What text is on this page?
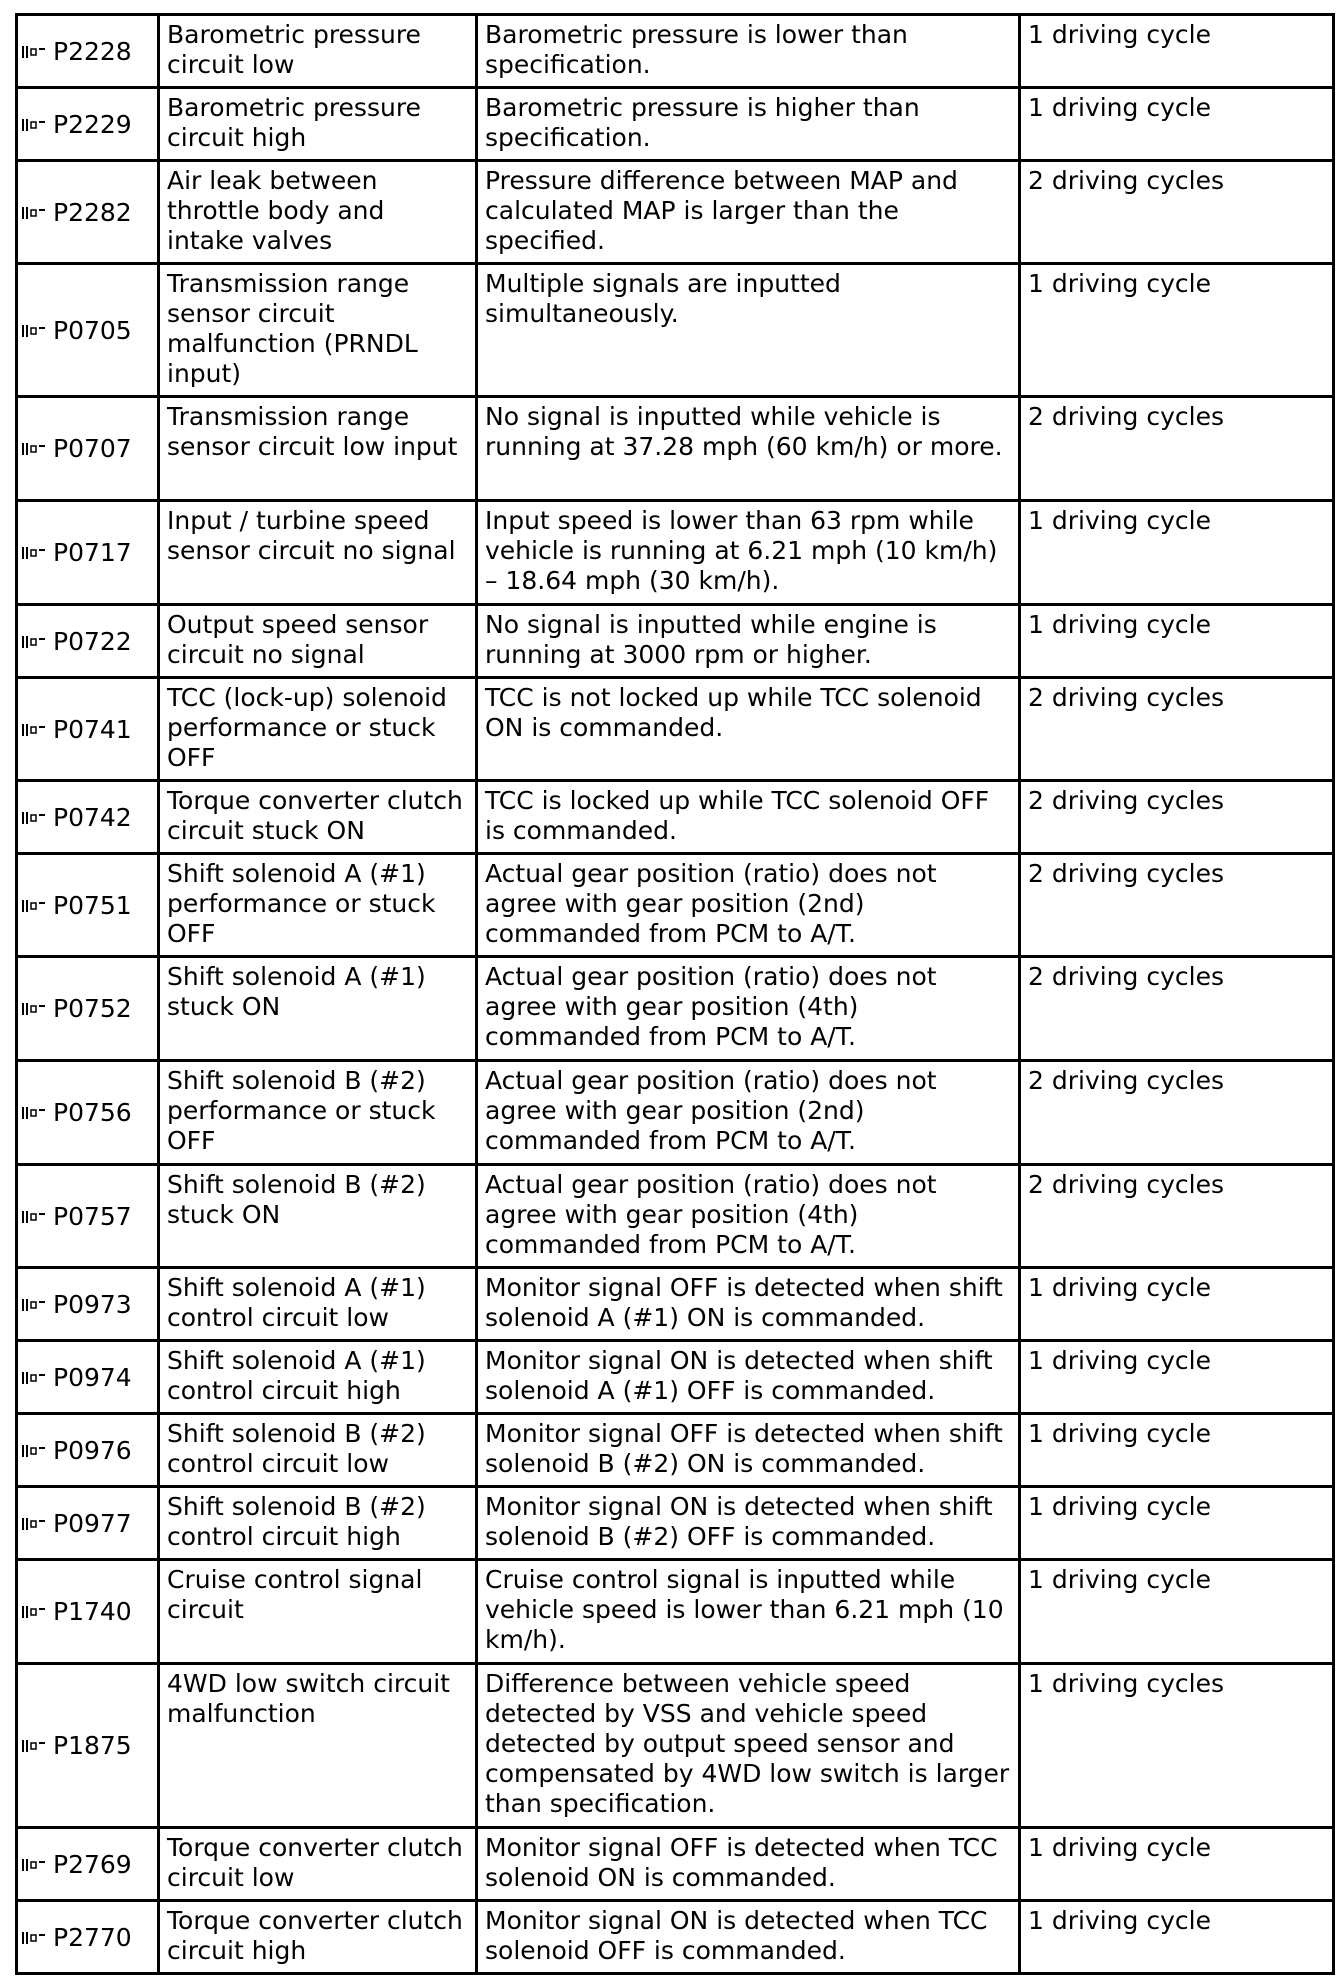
P2228	Barometric pressure circuit low	Barometric pressure is lower than specification.	1 driving cycle

P2229	Barometric pressure circuit high	Barometric pressure is higher than specification.	1 driving cycle

P2282	Air leak between throttle body and intake valves	Pressure difference between MAP and calculated MAP is larger than the specified.	2 driving cycles

P0705	Transmission range sensor circuit malfunction (PRNDL input)	Multiple signals are inputted simultaneously.	1 driving cycle

P0707	Transmission range sensor circuit low input	No signal is inputted while vehicle is running at 37.28 mph (60 km/h) or more.	2 driving cycles

P0717	Input / turbine speed sensor circuit no signal	Input speed is lower than 63 rpm while vehicle is running at 6.21 mph (10 km/h) – 18.64 mph (30 km/h).	1 driving cycle

P0722	Output speed sensor circuit no signal	No signal is inputted while engine is running at 3000 rpm or higher.	1 driving cycle

P0741	TCC (lock-up) solenoid performance or stuck OFF	TCC is not locked up while TCC solenoid ON is commanded.	2 driving cycles

P0742	Torque converter clutch circuit stuck ON	TCC is locked up while TCC solenoid OFF is commanded.	2 driving cycles

P0751	Shift solenoid A (#1) performance or stuck OFF	Actual gear position (ratio) does not agree with gear position (2nd) commanded from PCM to A/T.	2 driving cycles

P0752	Shift solenoid A (#1) stuck ON	Actual gear position (ratio) does not agree with gear position (4th) commanded from PCM to A/T.	2 driving cycles

P0756	Shift solenoid B (#2) performance or stuck OFF	Actual gear position (ratio) does not agree with gear position (2nd) commanded from PCM to A/T.	2 driving cycles

P0757	Shift solenoid B (#2) stuck ON	Actual gear position (ratio) does not agree with gear position (4th) commanded from PCM to A/T.	2 driving cycles

P0973	Shift solenoid A (#1) control circuit low	Monitor signal OFF is detected when shift solenoid A (#1) ON is commanded.	1 driving cycle

P0974	Shift solenoid A (#1) control circuit high	Monitor signal ON is detected when shift solenoid A (#1) OFF is commanded.	1 driving cycle

P0976	Shift solenoid B (#2) control circuit low	Monitor signal OFF is detected when shift solenoid B (#2) ON is commanded.	1 driving cycle

P0977	Shift solenoid B (#2) control circuit high	Monitor signal ON is detected when shift solenoid B (#2) OFF is commanded.	1 driving cycle

P1740	Cruise control signal circuit	Cruise control signal is inputted while vehicle speed is lower than 6.21 mph (10 km/h).	1 driving cycle

P1875	4WD low switch circuit malfunction	Difference between vehicle speed detected by VSS and vehicle speed detected by output speed sensor and compensated by 4WD low switch is larger than specification.	1 driving cycles

P2769	Torque converter clutch circuit low	Monitor signal OFF is detected when TCC solenoid ON is commanded.	1 driving cycle

P2770	Torque converter clutch circuit high	Monitor signal ON is detected when TCC solenoid OFF is commanded.	1 driving cycle
